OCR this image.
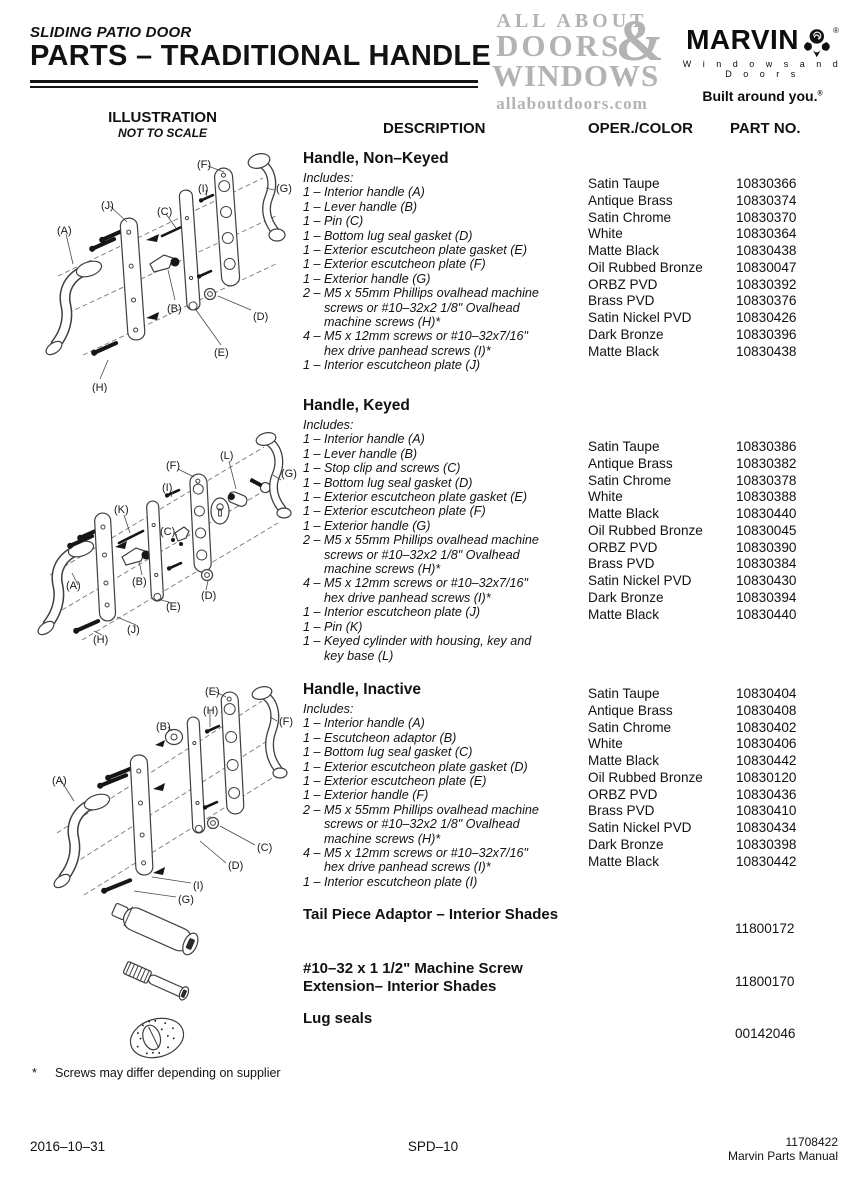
SLIDING PATIO DOOR
PARTS – TRADITIONAL HANDLE
ALL ABOUT
DOORS
&
WINDOWS
allaboutdoors.com
MARVIN	®
W i n d o w s a n d D o o r s
Built around you.®
ILLUSTRATION
NOT TO SCALE	DESCRIPTION	OPER./COLOR PART NO.
Handle, Non–Keyed
Includes:
1 – Interior handle (A)
1 – Lever handle (B)
1 – Pin (C)
1 – Bottom lug seal gasket (D)
1 – Exterior escutcheon plate gasket (E)
1 – Exterior escutcheon plate (F)
1 – Exterior handle (G)
2 – M5 x 55mm Phillips ovalhead machine
screws or #10–32x2 1/8" Ovalhead
machine screws (H)*
4 – M5 x 12mm screws or #10–32x7/16"
hex drive panhead screws (I)*
1 – Interior escutcheon plate (J)
Satin Taupe	10830366
Antique Brass	10830374
Satin Chrome	10830370
White	10830364
Matte Black	10830438
Oil Rubbed Bronze	10830047
ORBZ PVD	10830392
Brass PVD	10830376
Satin Nickel PVD	10830426
Dark Bronze	10830396
Matte Black	10830438
(A)
(B)
(C)
(D)
(E)
(F)
(G)
(H)
(I)
(J)
Handle, Keyed
Includes:
1 – Interior handle (A)
1 – Lever handle (B)
1 – Stop clip and screws (C)
1 – Bottom lug seal gasket (D)
1 – Exterior escutcheon plate gasket (E)
1 – Exterior escutcheon plate (F)
1 – Exterior handle (G)
2 – M5 x 55mm Phillips ovalhead machine
screws or #10–32x2 1/8" Ovalhead
machine screws (H)*
4 – M5 x 12mm screws or #10–32x7/16"
hex drive panhead screws (I)*
1 – Interior escutcheon plate (J)
1 – Pin (K)
1 – Keyed cylinder with housing, key and
key base (L)
Satin Taupe	10830386
Antique Brass	10830382
Satin Chrome	10830378
White	10830388
Matte Black	10830440
Oil Rubbed Bronze	10830045
ORBZ PVD	10830390
Brass PVD	10830384
Satin Nickel PVD	10830430
Dark Bronze	10830394
Matte Black	10830440
(A)	(B)
(C)
(D)
(E)
(F)
(G)
(H)
(I)
(J)
(K)
(L)
Handle, Inactive
Includes:
1 – Interior handle (A)
1 – Escutcheon adaptor (B)
1 – Bottom lug seal gasket (C)
1 – Exterior escutcheon plate gasket (D)
1 – Exterior escutcheon plate (E)
1 – Exterior handle (F)
2 – M5 x 55mm Phillips ovalhead machine
screws or #10–32x2 1/8" Ovalhead
machine screws (H)*
4 – M5 x 12mm screws or #10–32x7/16"
hex drive panhead screws (I)*
1 – Interior escutcheon plate (I)
Satin Taupe	10830404
Antique Brass	10830408
Satin Chrome	10830402
White	10830406
Matte Black	10830442
Oil Rubbed Bronze	10830120
ORBZ PVD	10830436
Brass PVD	10830410
Satin Nickel PVD	10830434
Dark Bronze	10830398
Matte Black	10830442
(A)
(B)
(C)
(D)
(E)
(F)
(G)
(H)
(I)
Tail Piece Adaptor – Interior Shades
11800172
#10–32 x 1 1/2" Machine Screw
Extension– Interior Shades	11800170
Lug seals
00142046
* Screws may differ depending on supplier
2016–10–31	SPD–10	11708422
Marvin Parts Manual
